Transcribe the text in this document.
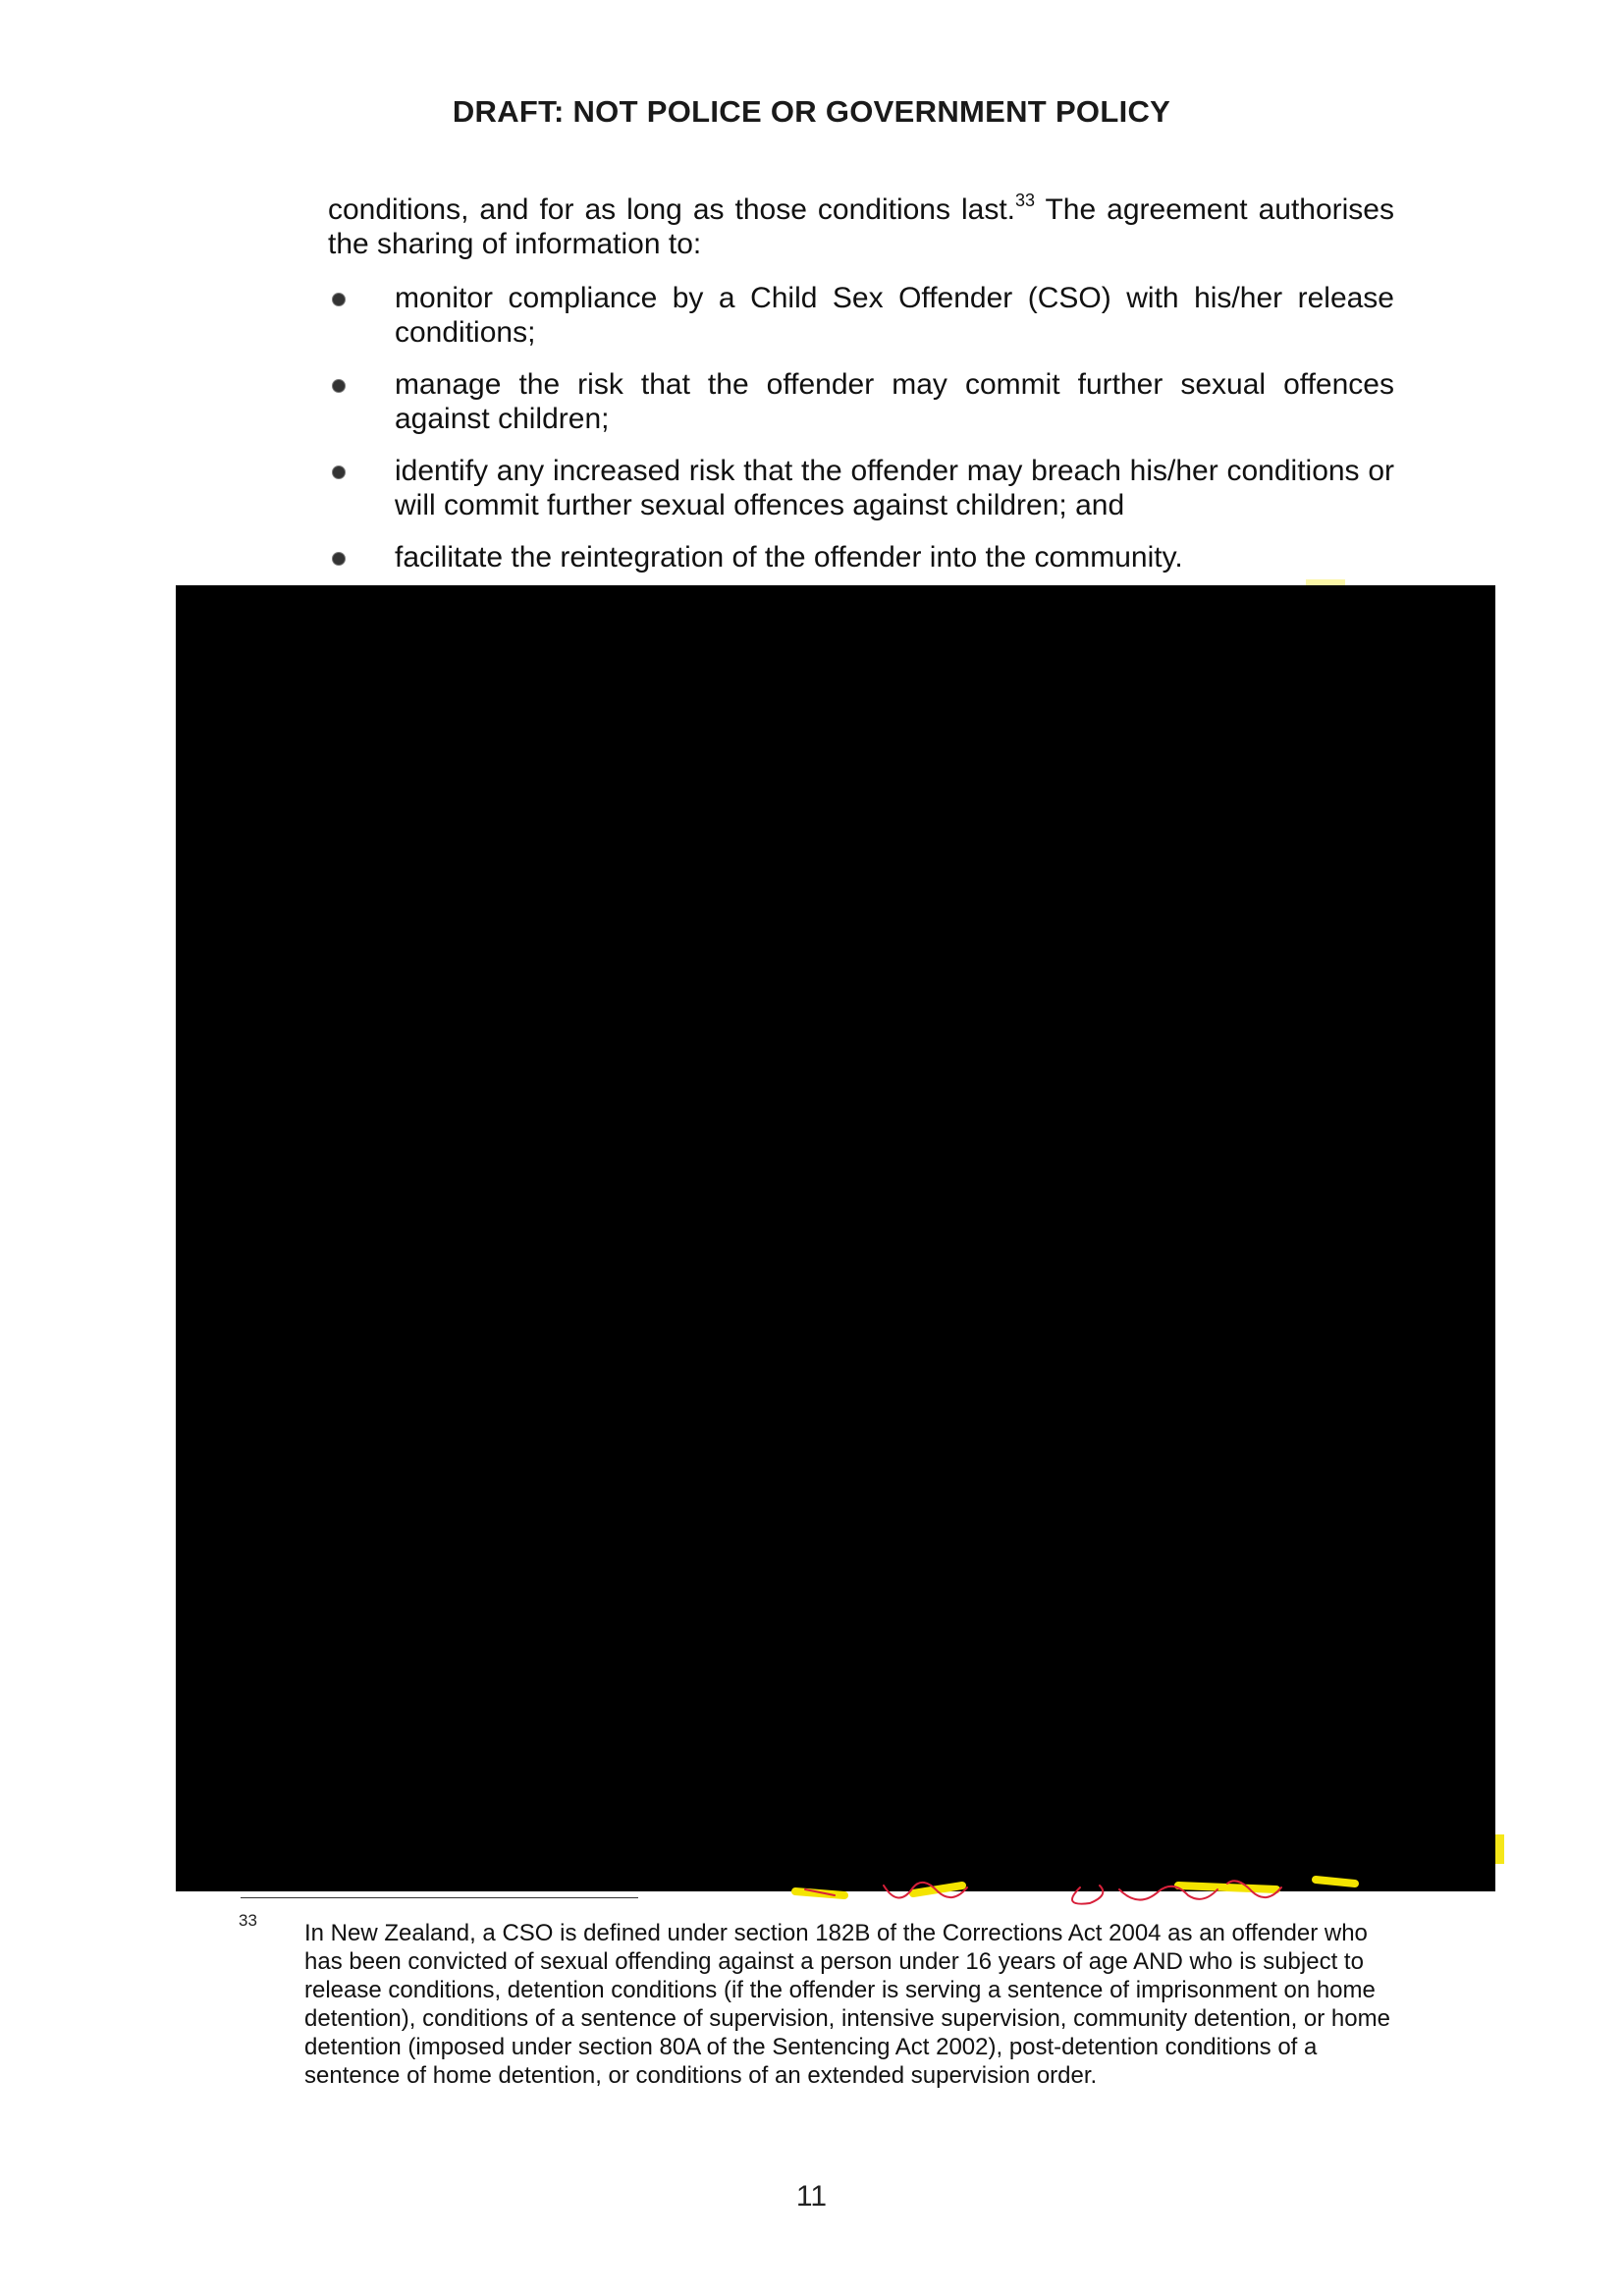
DRAFT: NOT POLICE OR GOVERNMENT POLICY
conditions, and for as long as those conditions last.$^{33}$ The agreement authorises the sharing of information to:
monitor compliance by a Child Sex Offender (CSO) with his/her release conditions;
manage the risk that the offender may commit further sexual offences against children;
identify any increased risk that the offender may breach his/her conditions or will commit further sexual offences against children; and
facilitate the reintegration of the offender into the community.
33 In New Zealand, a CSO is defined under section 182B of the Corrections Act 2004 as an offender who has been convicted of sexual offending against a person under 16 years of age AND who is subject to release conditions, detention conditions (if the offender is serving a sentence of imprisonment on home detention), conditions of a sentence of supervision, intensive supervision, community detention, or home detention (imposed under section 80A of the Sentencing Act 2002), post-detention conditions of a sentence of home detention, or conditions of an extended supervision order.
11
